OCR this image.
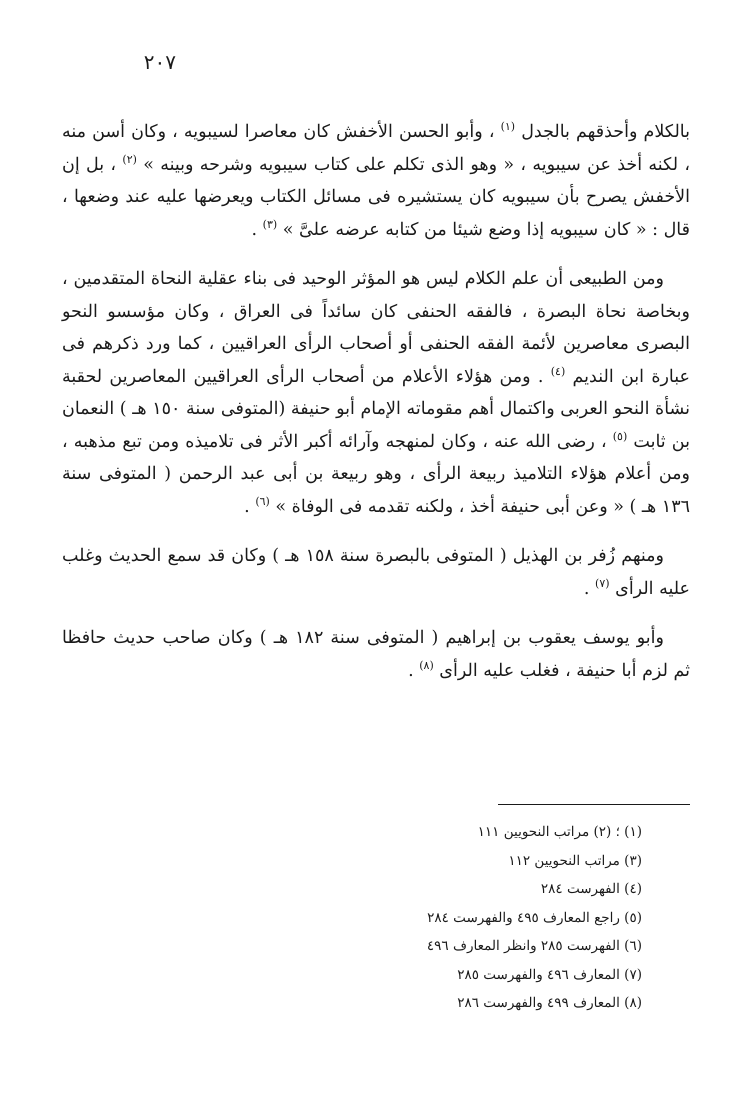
٢٠٧

بالكلام وأحذقهم بالجدل $^{(١)}$ ، وأبو الحسن الأخفش كان معاصرا لسيبويه ، وكان أسن منه ، لكنه أخذ عن سيبويه ، « وهو الذى تكلم على كتاب سيبويه وشرحه وبينه » $^{(٢)}$ ، بل إن الأخفش يصرح بأن سيبويه كان يستشيره فى مسائل الكتاب ويعرضها عليه عند وضعها ، قال : « كان سيبويه إذا وضع شيئا من كتابه عرضه علىَّ » $^{(٣)}$ .

ومن الطبيعى أن علم الكلام ليس هو المؤثر الوحيد فى بناء عقلية النحاة المتقدمين ، وبخاصة نحاة البصرة ، فالفقه الحنفى كان سائداً فى العراق ، وكان مؤسسو النحو البصرى معاصرين لأئمة الفقه الحنفى أو أصحاب الرأى العراقيين ، كما ورد ذكرهم فى عبارة ابن النديم $^{(٤)}$ . ومن هؤلاء الأعلام من أصحاب الرأى العراقيين المعاصرين لحقبة نشأة النحو العربى واكتمال أهم مقوماته الإمام أبو حنيفة (المتوفى سنة ١٥٠ هـ ) النعمان بن ثابت $^{(٥)}$ ، رضى الله عنه ، وكان لمنهجه وآرائه أكبر الأثر فى تلاميذه ومن تبع مذهبه ، ومن أعلام هؤلاء التلاميذ ربيعة الرأى ، وهو ربيعة بن أبى عبد الرحمن ( المتوفى سنة ١٣٦ هـ ) « وعن أبى حنيفة أخذ ، ولكنه تقدمه فى الوفاة » $^{(٦)}$ .

ومنهم زُفر بن الهذيل ( المتوفى بالبصرة سنة ١٥٨ هـ ) وكان قد سمع الحديث وغلب عليه الرأى $^{(٧)}$ .

وأبو يوسف يعقوب بن إبراهيم ( المتوفى سنة ١٨٢ هـ ) وكان صاحب حديث حافظا ثم لزم أبا حنيفة ، فغلب عليه الرأى $^{(٨)}$ .

(١) ؛ (٢) مراتب النحويين ١١١
(٣) مراتب النحويين ١١٢
(٤) الفهرست ٢٨٤
(٥) راجع المعارف ٤٩٥ والفهرست ٢٨٤
(٦) الفهرست ٢٨٥ وانظر المعارف ٤٩٦
(٧) المعارف ٤٩٦ والفهرست ٢٨٥
(٨) المعارف ٤٩٩ والفهرست ٢٨٦
